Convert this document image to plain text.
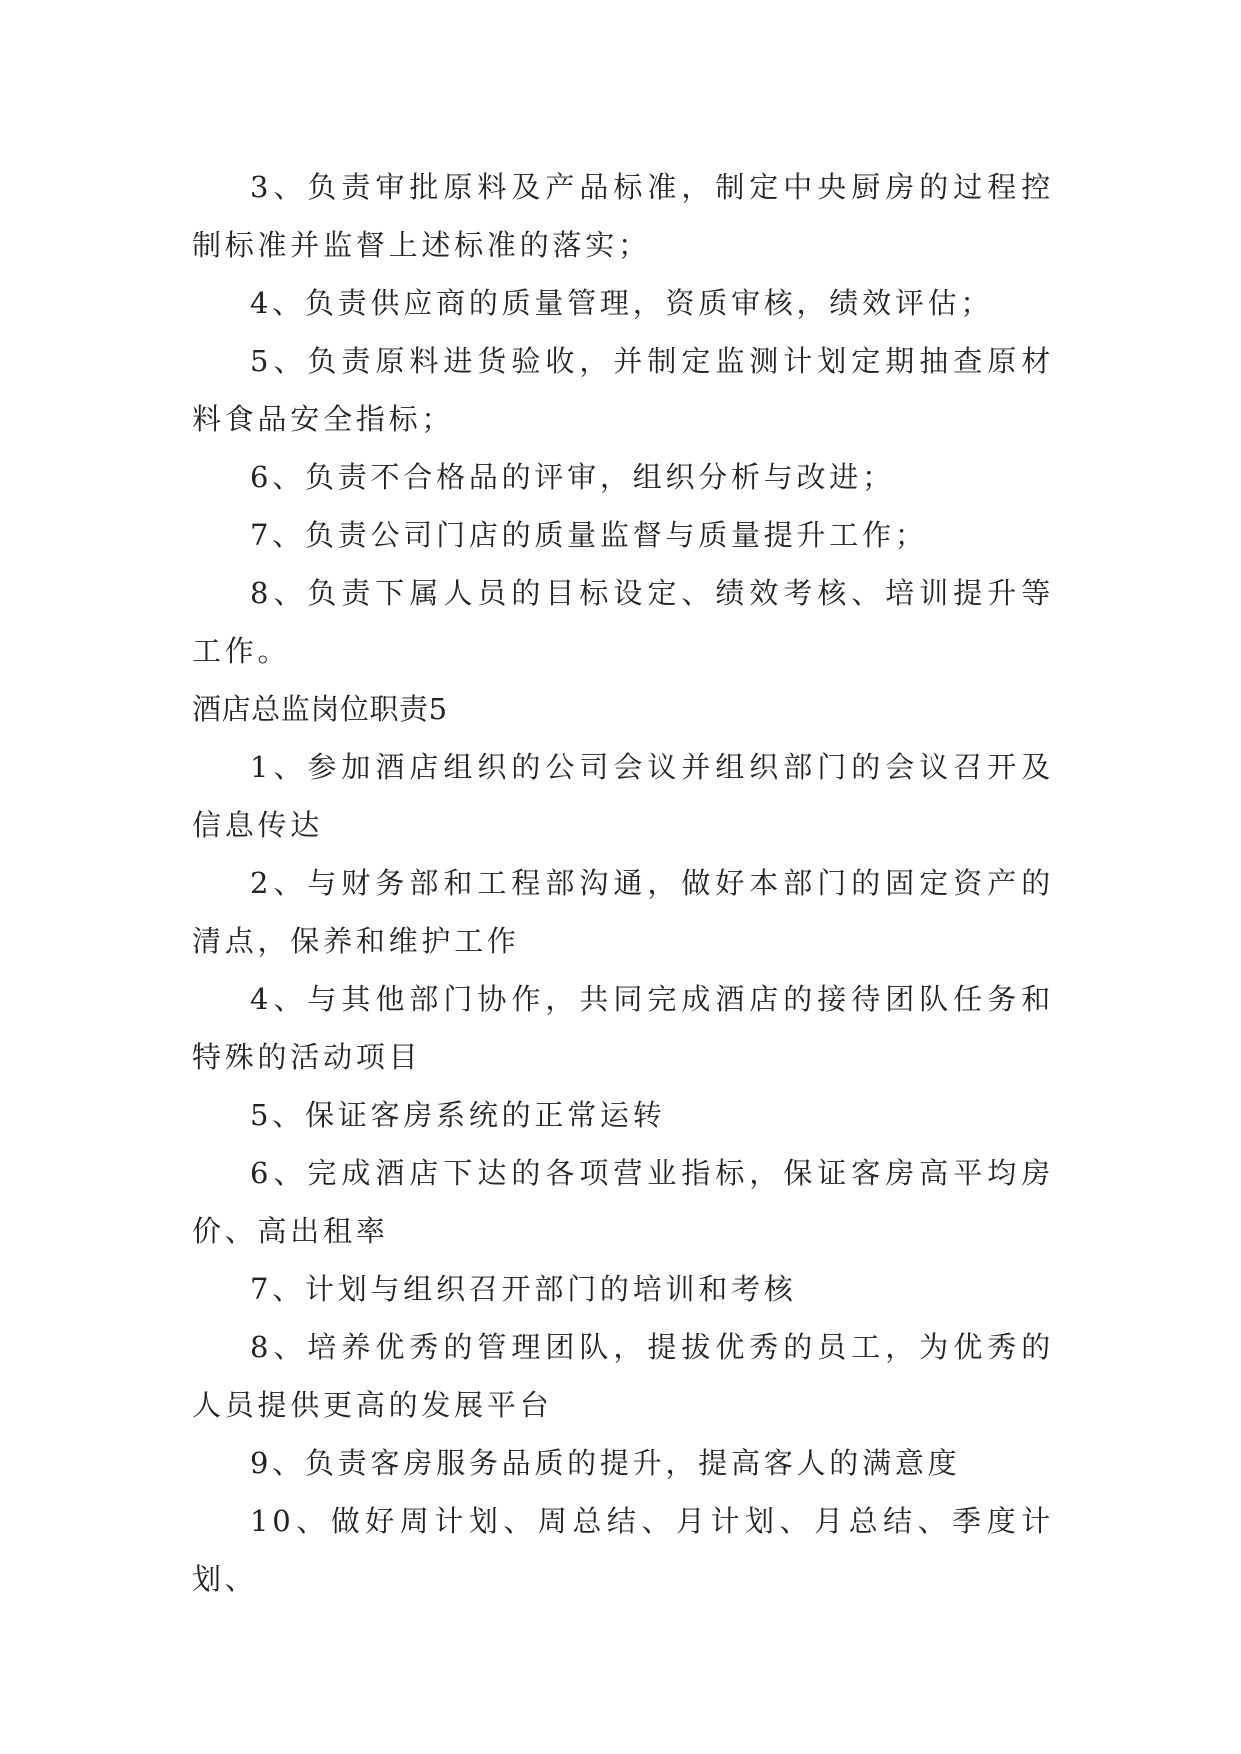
3、负责审批原料及产品标准，制定中央厨房的过程控制标准并监督上述标准的落实；

4、负责供应商的质量管理，资质审核，绩效评估；

5、负责原料进货验收，并制定监测计划定期抽查原材料食品安全指标；

6、负责不合格品的评审，组织分析与改进；

7、负责公司门店的质量监督与质量提升工作；

8、负责下属人员的目标设定、绩效考核、培训提升等工作。

酒店总监岗位职责5

1、参加酒店组织的公司会议并组织部门的会议召开及信息传达

2、与财务部和工程部沟通，做好本部门的固定资产的清点，保养和维护工作

4、与其他部门协作，共同完成酒店的接待团队任务和特殊的活动项目

5、保证客房系统的正常运转

6、完成酒店下达的各项营业指标，保证客房高平均房价、高出租率

7、计划与组织召开部门的培训和考核

8、培养优秀的管理团队，提拔优秀的员工，为优秀的人员提供更高的发展平台

9、负责客房服务品质的提升，提高客人的满意度

10、做好周计划、周总结、月计划、月总结、季度计划、
